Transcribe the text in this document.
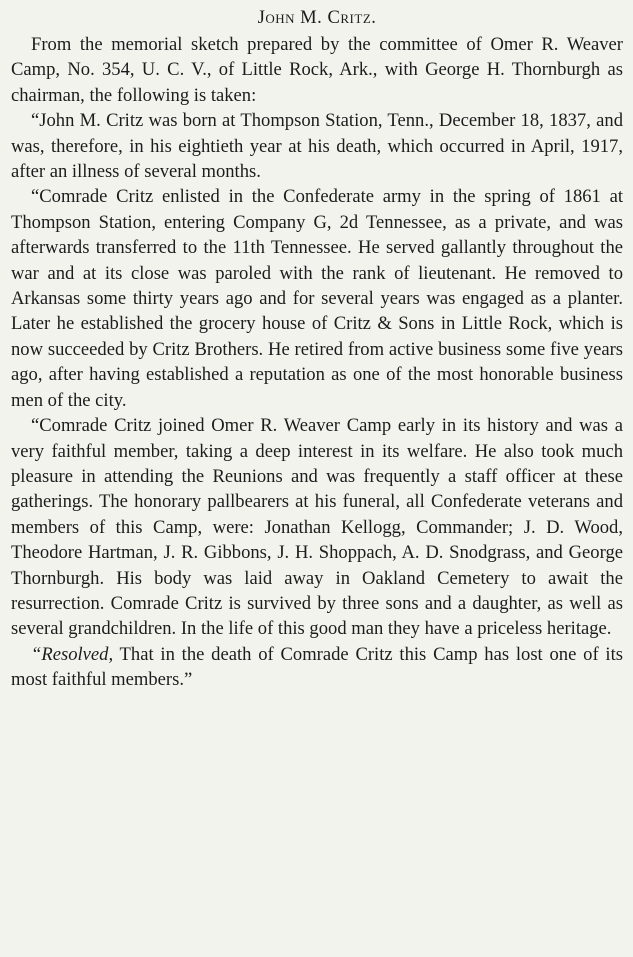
John M. Critz.

From the memorial sketch prepared by the committee of Omer R. Weaver Camp, No. 354, U. C. V., of Little Rock, Ark., with George H. Thornburgh as chairman, the following is taken:

“John M. Critz was born at Thompson Station, Tenn., December 18, 1837, and was, therefore, in his eightieth year at his death, which occurred in April, 1917, after an illness of several months.

“Comrade Critz enlisted in the Confederate army in the spring of 1861 at Thompson Station, entering Company G, 2d Tennessee, as a private, and was afterwards transferred to the 11th Tennessee. He served gallantly throughout the war and at its close was paroled with the rank of lieutenant. He removed to Arkansas some thirty years ago and for several years was engaged as a planter. Later he established the grocery house of Critz & Sons in Little Rock, which is now succeeded by Critz Brothers. He retired from active business some five years ago, after having established a reputation as one of the most honorable business men of the city.

“Comrade Critz joined Omer R. Weaver Camp early in its history and was a very faithful member, taking a deep interest in its welfare. He also took much pleasure in attending the Reunions and was frequently a staff officer at these gatherings. The honorary pallbearers at his funeral, all Confederate veterans and members of this Camp, were: Jonathan Kellogg, Commander; J. D. Wood, Theodore Hartman, J. R. Gibbons, J. H. Shoppach, A. D. Snodgrass, and George Thornburgh. His body was laid away in Oakland Cemetery to await the resurrection. Comrade Critz is survived by three sons and a daughter, as well as several grandchildren. In the life of this good man they have a priceless heritage.

“Resolved, That in the death of Comrade Critz this Camp has lost one of its most faithful members.”
